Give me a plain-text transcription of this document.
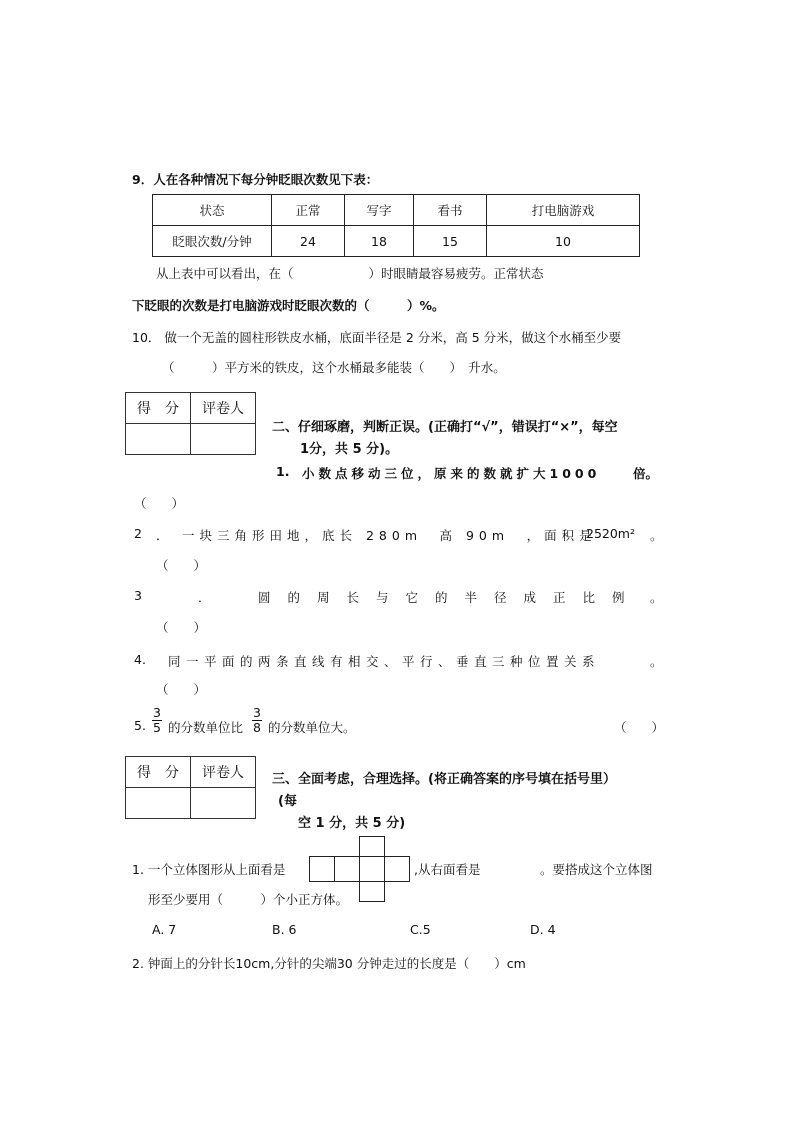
9．人在各种情况下每分钟眨眼次数见下表：
状态	正常	写字	看书	打电脑游戏
眨眼次数/分钟	24	18	15	10
从上表中可以看出，在（　　　　　　）时眼睛最容易疲劳。正常状态
下眨眼的次数是打电脑游戏时眨眼次数的（　　　）%。
10． 做一个无盖的圆柱形铁皮水桶，底面半径是 2 分米，高 5 分米，做这个水桶至少要
（　　　）平方米的铁皮，这个水桶最多能装（　　）　升水。
得　分	评卷人

二、仔细琢磨，判断正误。(正确打“√”，错误打“×”，每空
1分，共 5 分)。
1. 小数点移动三位，原来的数就扩大1000	倍。
（　　）
2 ． 一块三角形田地，底长 280m　高 90m　，面积是
2520m² 。
（　　）
3	．	圆的周长与它的半径成正比例 。
（　　）
4. 同一平面的两条直线有相交、平行、垂直三种位置关系	。
（　　）
5.
3
5 的分数单位比
3
8 的分数单位大。	（　　）
得　分	评卷人
	三、全面考虑，合理选择。(将正确答案的序号填在括号里）
(每
空 1 分，共 5 分)
1. 一个立体图形从上面看是	,从右面看是	。要搭成这个立体图
形至少要用（　　　）个小正方体。
A. 7	B. 6	C.5	D. 4
2. 钟面上的分针长10cm,分针的尖端30 分钟走过的长度是（　　）cm
